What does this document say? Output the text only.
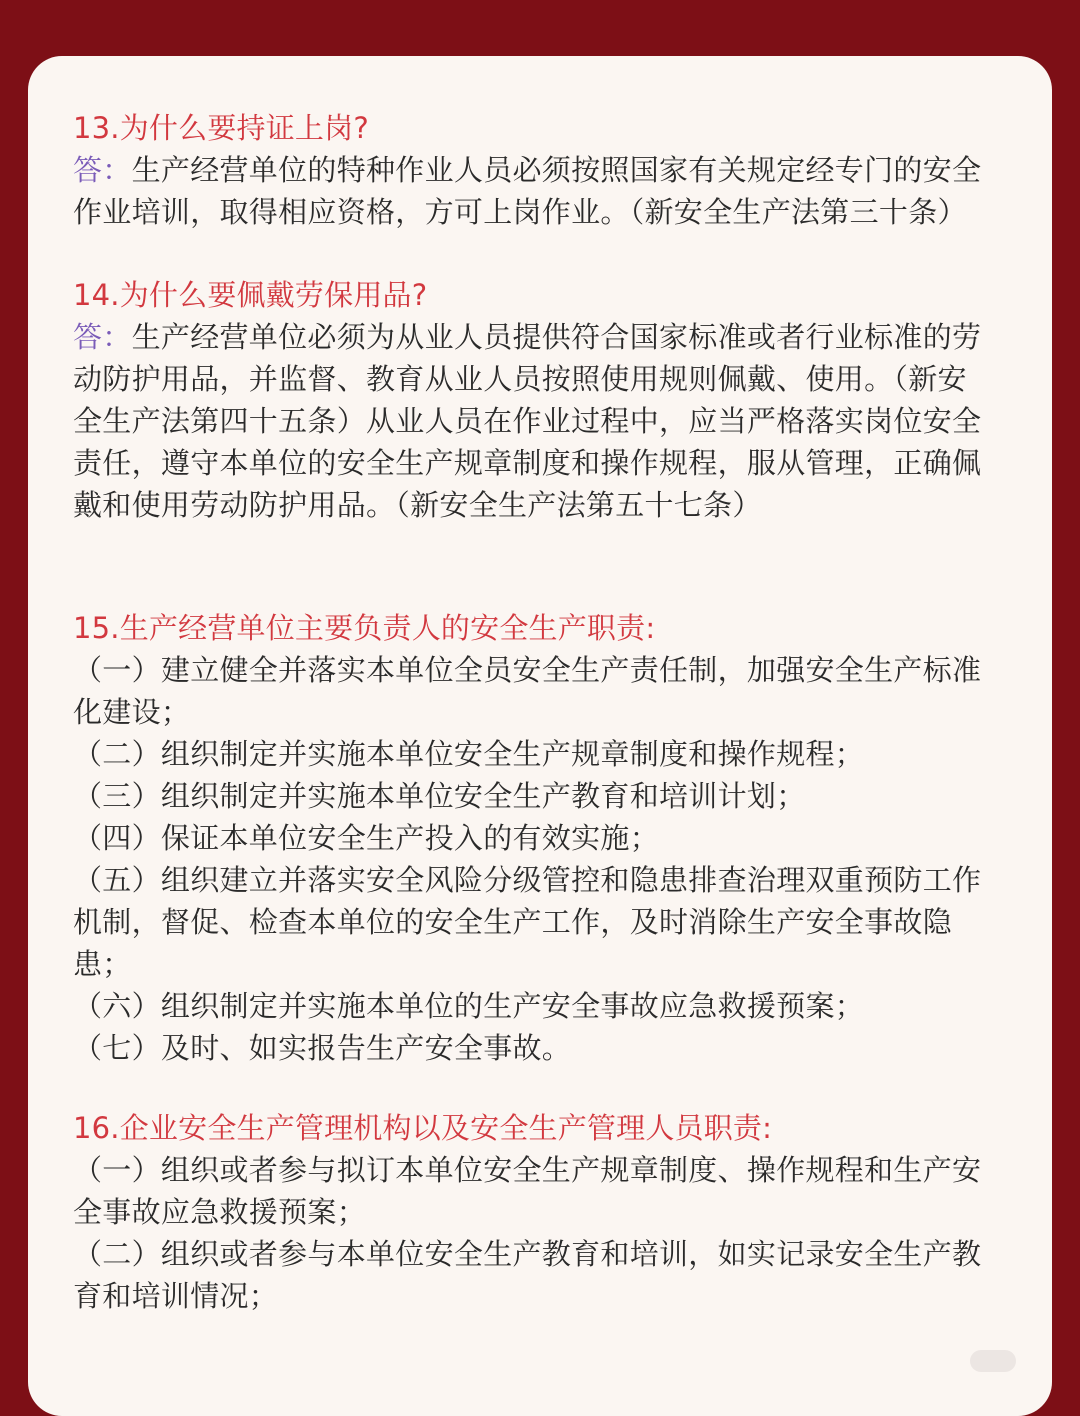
13.为什么要持证上岗?
答：生产经营单位的特种作业人员必须按照国家有关规定经专门的安全
作业培训，取得相应资格，方可上岗作业。（新安全生产法第三十条）
14.为什么要佩戴劳保用品?
答：生产经营单位必须为从业人员提供符合国家标准或者行业标准的劳
动防护用品，并监督、教育从业人员按照使用规则佩戴、使用。（新安
全生产法第四十五条）从业人员在作业过程中，应当严格落实岗位安全
责任，遵守本单位的安全生产规章制度和操作规程，服从管理，正确佩
戴和使用劳动防护用品。（新安全生产法第五十七条）
15.生产经营单位主要负责人的安全生产职责:
（一）建立健全并落实本单位全员安全生产责任制，加强安全生产标准
化建设；
（二）组织制定并实施本单位安全生产规章制度和操作规程；
（三）组织制定并实施本单位安全生产教育和培训计划；
（四）保证本单位安全生产投入的有效实施；
（五）组织建立并落实安全风险分级管控和隐患排查治理双重预防工作
机制，督促、检查本单位的安全生产工作，及时消除生产安全事故隐
患；
（六）组织制定并实施本单位的生产安全事故应急救援预案；
（七）及时、如实报告生产安全事故。
16.企业安全生产管理机构以及安全生产管理人员职责:
（一）组织或者参与拟订本单位安全生产规章制度、操作规程和生产安
全事故应急救援预案；
（二）组织或者参与本单位安全生产教育和培训，如实记录安全生产教
育和培训情况；
